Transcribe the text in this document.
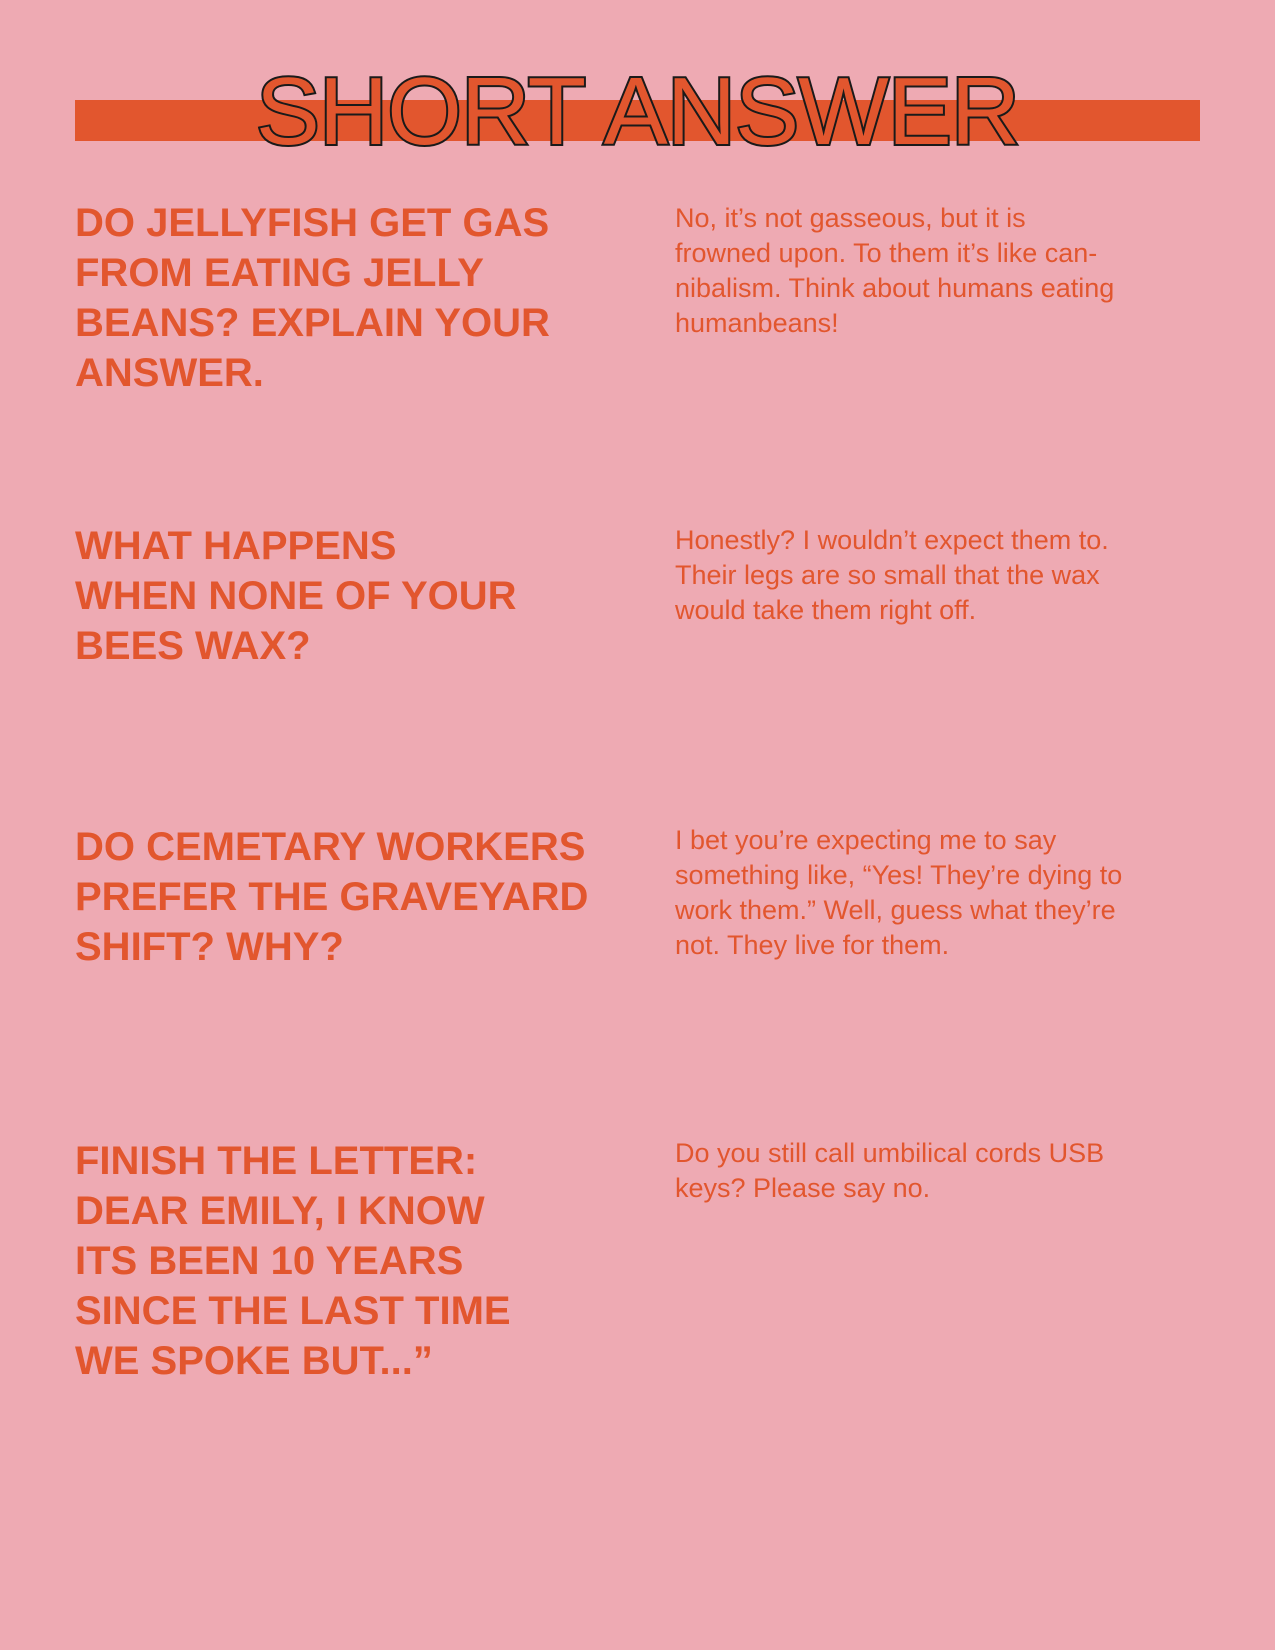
SHORT ANSWER

DO JELLYFISH GET GAS
FROM EATING JELLY
BEANS? EXPLAIN YOUR
ANSWER.

No, it’s not gasseous, but it is
frowned upon. To them it’s like can-
nibalism. Think about humans eating
humanbeans!

WHAT HAPPENS
WHEN NONE OF YOUR
BEES WAX?

Honestly? I wouldn’t expect them to.
Their legs are so small that the wax
would take them right off.

DO CEMETARY WORKERS
PREFER THE GRAVEYARD
SHIFT? WHY?

I bet you’re expecting me to say
something like, “Yes! They’re dying to
work them.” Well, guess what they’re
not. They live for them.

FINISH THE LETTER:
DEAR EMILY, I KNOW
ITS BEEN 10 YEARS
SINCE THE LAST TIME
WE SPOKE BUT...”

Do you still call umbilical cords USB
keys? Please say no.
